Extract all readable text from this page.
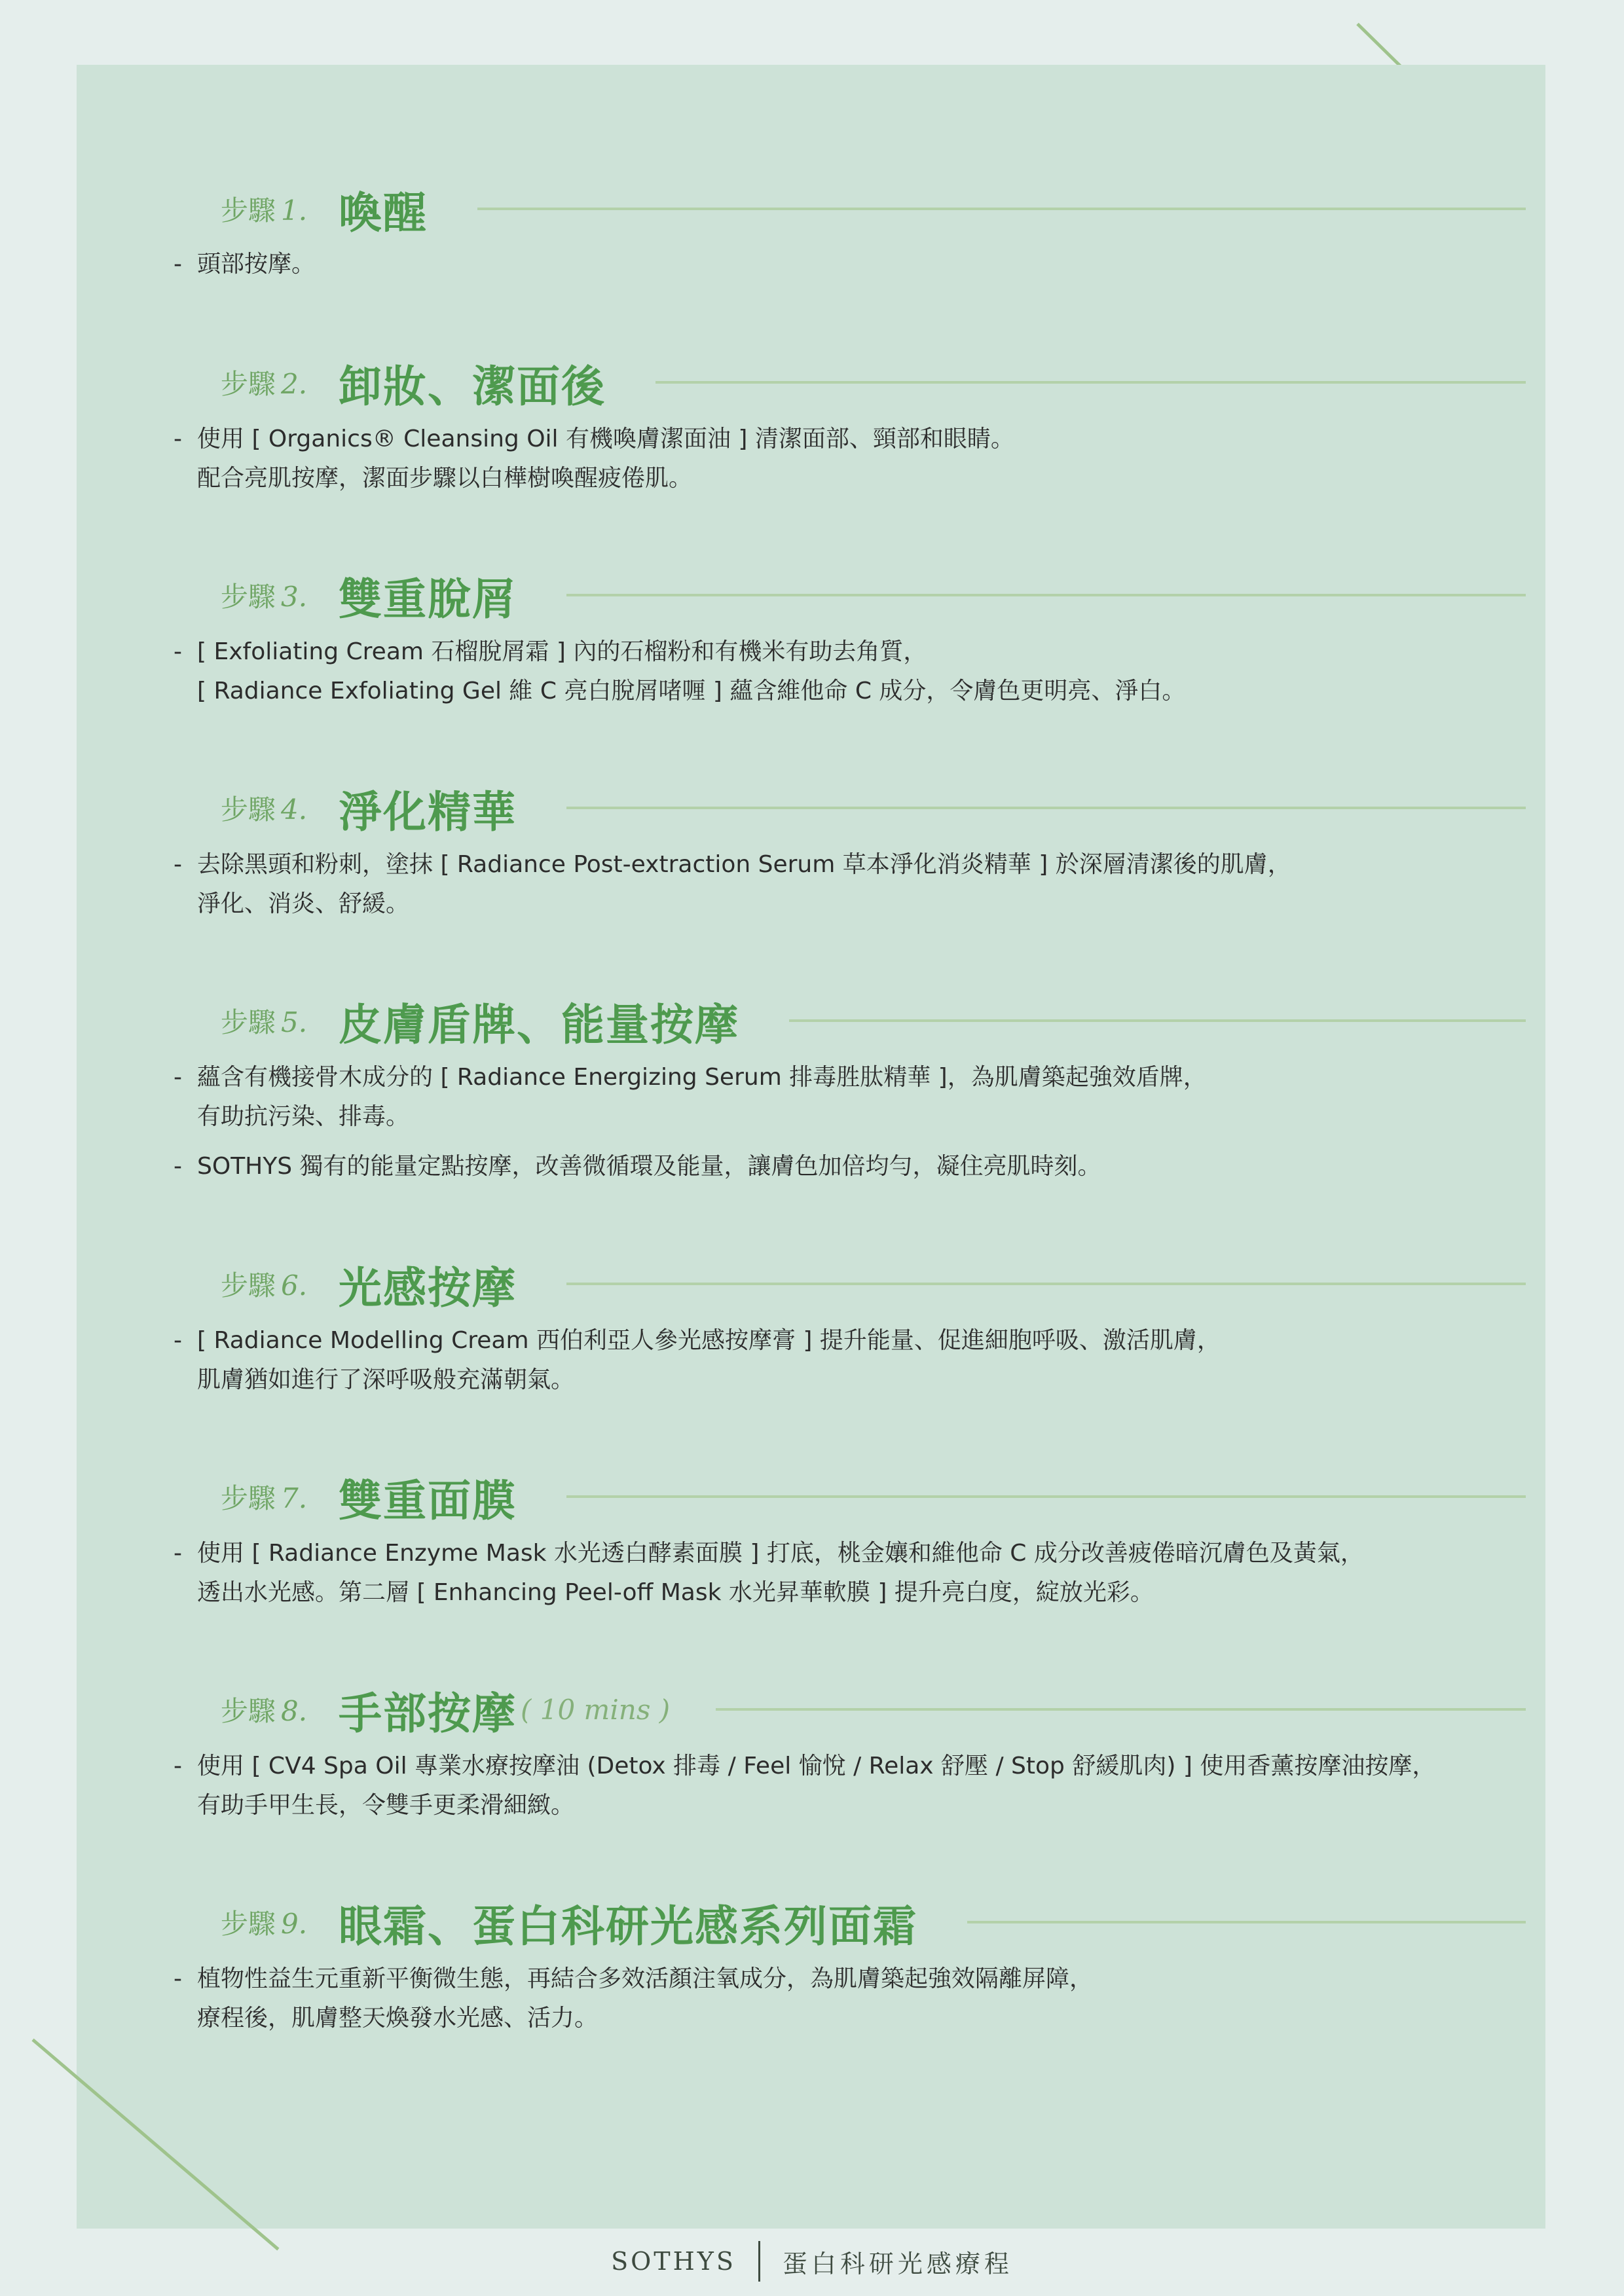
步驟 1. 喚醒
- 頭部按摩。
步驟 2. 卸妝、潔面後
- 使用 [ Organics® Cleansing Oil 有機喚膚潔面油 ] 清潔面部、頸部和眼睛。
配合亮肌按摩，潔面步驟以白樺樹喚醒疲倦肌。
步驟 3. 雙重脫屑
- [ Exfoliating Cream 石榴脫屑霜 ] 內的石榴粉和有機米有助去角質，
[ Radiance Exfoliating Gel 維 C 亮白脫屑啫喱 ] 蘊含維他命 C 成分，令膚色更明亮、淨白。
步驟 4. 淨化精華
- 去除黑頭和粉刺，塗抹 [ Radiance Post-extraction Serum 草本淨化消炎精華 ] 於深層清潔後的肌膚，
淨化、消炎、舒緩。
步驟 5. 皮膚盾牌、能量按摩
- 蘊含有機接骨木成分的 [ Radiance Energizing Serum 排毒胜肽精華 ]，為肌膚築起強效盾牌，
有助抗污染、排毒。
- SOTHYS 獨有的能量定點按摩，改善微循環及能量，讓膚色加倍均勻，凝住亮肌時刻。
步驟 6. 光感按摩
- [ Radiance Modelling Cream 西伯利亞人參光感按摩膏 ] 提升能量、促進細胞呼吸、激活肌膚，
肌膚猶如進行了深呼吸般充滿朝氣。
步驟 7. 雙重面膜
- 使用 [ Radiance Enzyme Mask 水光透白酵素面膜 ] 打底，桃金孃和維他命 C 成分改善疲倦暗沉膚色及黃氣，
透出水光感。第二層 [ Enhancing Peel-off Mask 水光昇華軟膜 ] 提升亮白度，綻放光彩。
步驟 8. 手部按摩 ( 10 mins )
- 使用 [ CV4 Spa Oil 專業水療按摩油 (Detox 排毒 / Feel 愉悅 / Relax 舒壓 / Stop 舒緩肌肉) ] 使用香薰按摩油按摩，
有助手甲生長，令雙手更柔滑細緻。
步驟 9. 眼霜、蛋白科研光感系列面霜
- 植物性益生元重新平衡微生態，再結合多效活顏注氧成分，為肌膚築起強效隔離屏障，
療程後，肌膚整天煥發水光感、活力。
SOTHYS 蛋白科研光感療程
